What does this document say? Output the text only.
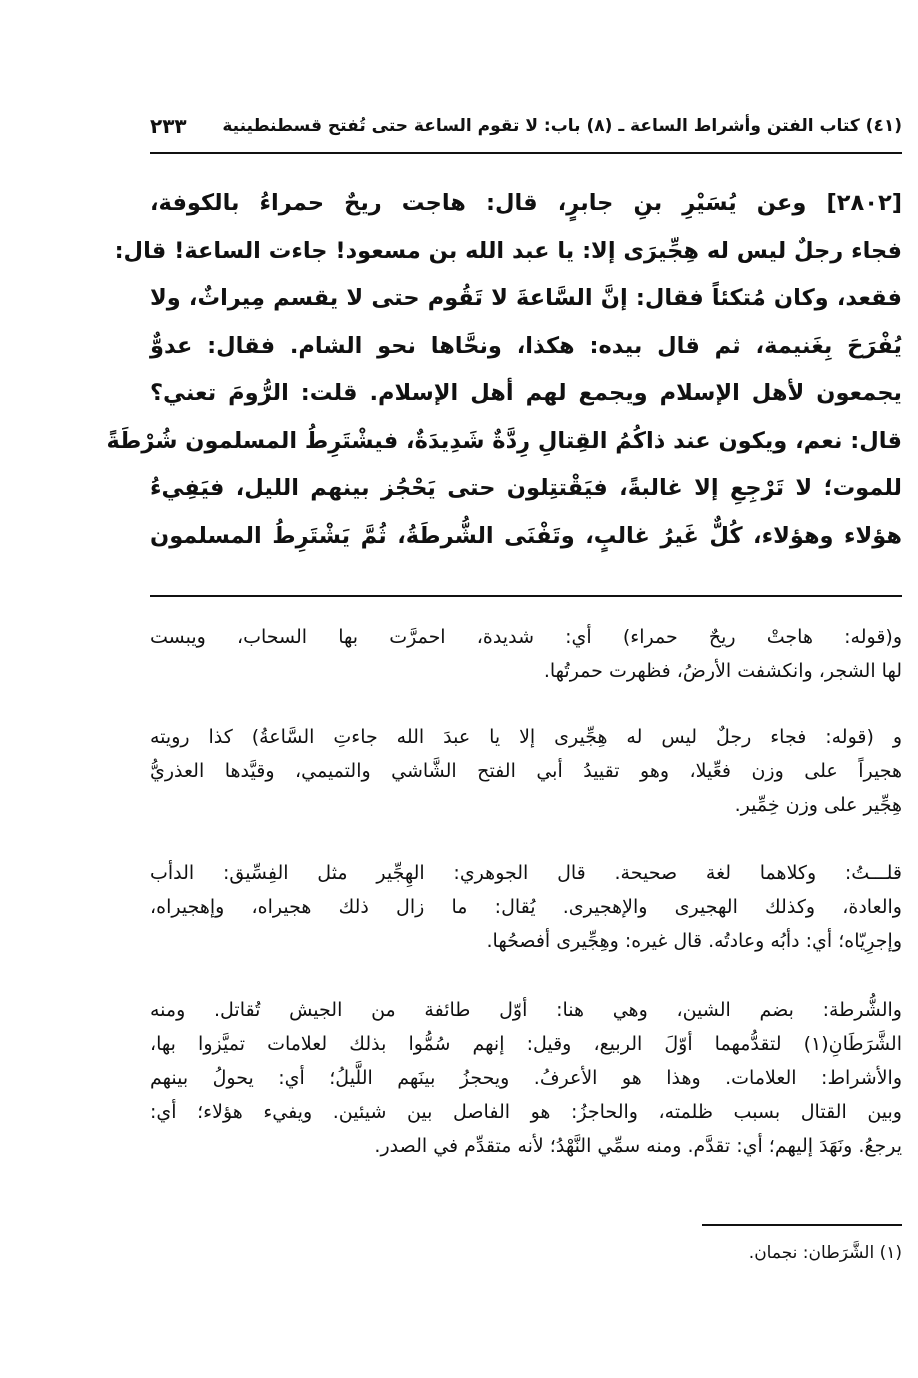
(٤١) كتاب الفتن وأشراط الساعة ـ (٨) باب: لا تقوم الساعة حتى تُفتح قسطنطينية
٢٣٣
[٢٨٠٢] وعن يُسَيْرِ بنِ جابرٍ، قال: هاجت ريحٌ حمراءُ بالكوفة،
فجاء رجلٌ ليس له هِجِّيرَى إلا: يا عبد الله بن مسعود! جاءت الساعة! قال:
فقعد، وكان مُتكئاً فقال: إنَّ السَّاعةَ لا تَقُوم حتى لا يقسم مِيراثٌ، ولا
يُفْرَحَ بِغَنيمة، ثم قال بيده: هكذا، ونحَّاها نحو الشام. فقال: عدوٌّ
يجمعون لأهل الإسلام ويجمع لهم أهل الإسلام. قلت: الرُّومَ تعني؟
قال: نعم، ويكون عند ذاكُمُ القِتالِ رِدَّةٌ شَدِيدَةٌ، فيشْتَرِطُ المسلمون شُرْطَةً
للموت؛ لا تَرْجِعِ إلا غالبةً، فيَقْتتِلون حتى يَحْجُز بينهم الليل، فيَفِيءُ
هؤلاء وهؤلاء، كُلٌّ غَيرُ غالبٍ، وتَفْنَى الشُّرطَةُ، ثُمَّ يَشْتَرِطُ المسلمون
و(قوله: هاجتْ ريحٌ حمراء) أي: شديدة، احمرَّت بها السحاب، ويبست
لها الشجر، وانكشفت الأرضُ، فظهرت حمرتُها.
و (قوله: فجاء رجلٌ ليس له هِجِّيرى إلا يا عبدَ الله جاءتِ السَّاعةُ) كذا رويته
هجيراً على وزن فعِّيلا، وهو تقييدُ أبي الفتح الشَّاشي والتميمي، وقيَّدها العذريُّ
هِجِّير على وزن خِمِّير.
قلـــتُ: وكلاهما لغة صحيحة. قال الجوهري: الهِجِّير مثل الفِسِّيق: الدأب
والعادة، وكذلك الهجيرى والإهجيرى. يُقال: ما زال ذلك هجيراه، وإهجيراه،
وإجرِيّاه؛ أي: دأبُه وعادتُه. قال غيره: وهِجِّيرى أفصحُها.
والشُّرطة: بضم الشين، وهي هنا: أوّل طائفة من الجيش تُقاتل. ومنه
الشَّرَطَانِ(١) لتقدُّمهما أوّلَ الربيع، وقيل: إنهم سُمُّوا بذلك لعلامات تميَّزوا بها،
والأشراط: العلامات. وهذا هو الأعرفُ. ويحجزُ بينَهم اللَّيلُ؛ أي: يحولُ بينهم
وبين القتال بسبب ظلمته، والحاجزُ: هو الفاصل بين شيئين. ويفيء هؤلاء؛ أي:
يرجعُ. ونَهَدَ إليهم؛ أي: تقدَّم. ومنه سمِّي النَّهْدُ؛ لأنه متقدِّم في الصدر.
(١) الشَّرَطان: نجمان.
